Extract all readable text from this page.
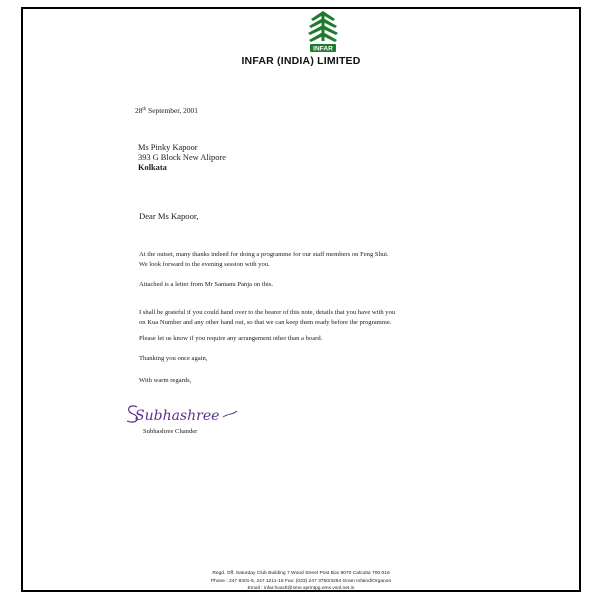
INFAR
INFAR (INDIA) LIMITED
28th September, 2001
Ms Pinky Kapoor
393 G Block New Alipore
Kolkata
Dear Ms Kapoor,
At the outset, many thanks indeed for doing a programme for our staff members on Feng Shui.
We look forward to the evening session with you.
Attached is a letter from Mr Santanu Panja on this.
I shall be grateful if you could hand over to the bearer of this note, details that you have with you
on Kua Number and any other hand out, so that we can keep them ready before the programme.
Please let us know if you require any arrangement other than a board.
Thanking you once again,
With warm regards,
Subhashree
Subhashree Chander
Regd. Off. Saturday Club Building 7 Wood Street Post Box 9070 Calcutta 700 016
Phone : 247 8301-5, 247 1211-15 Fax: (033) 247 3750/3254 Gram Infaind/Organon
Email : infar.hoactl@sme.sprintpg.ems.vsnl.net.in
